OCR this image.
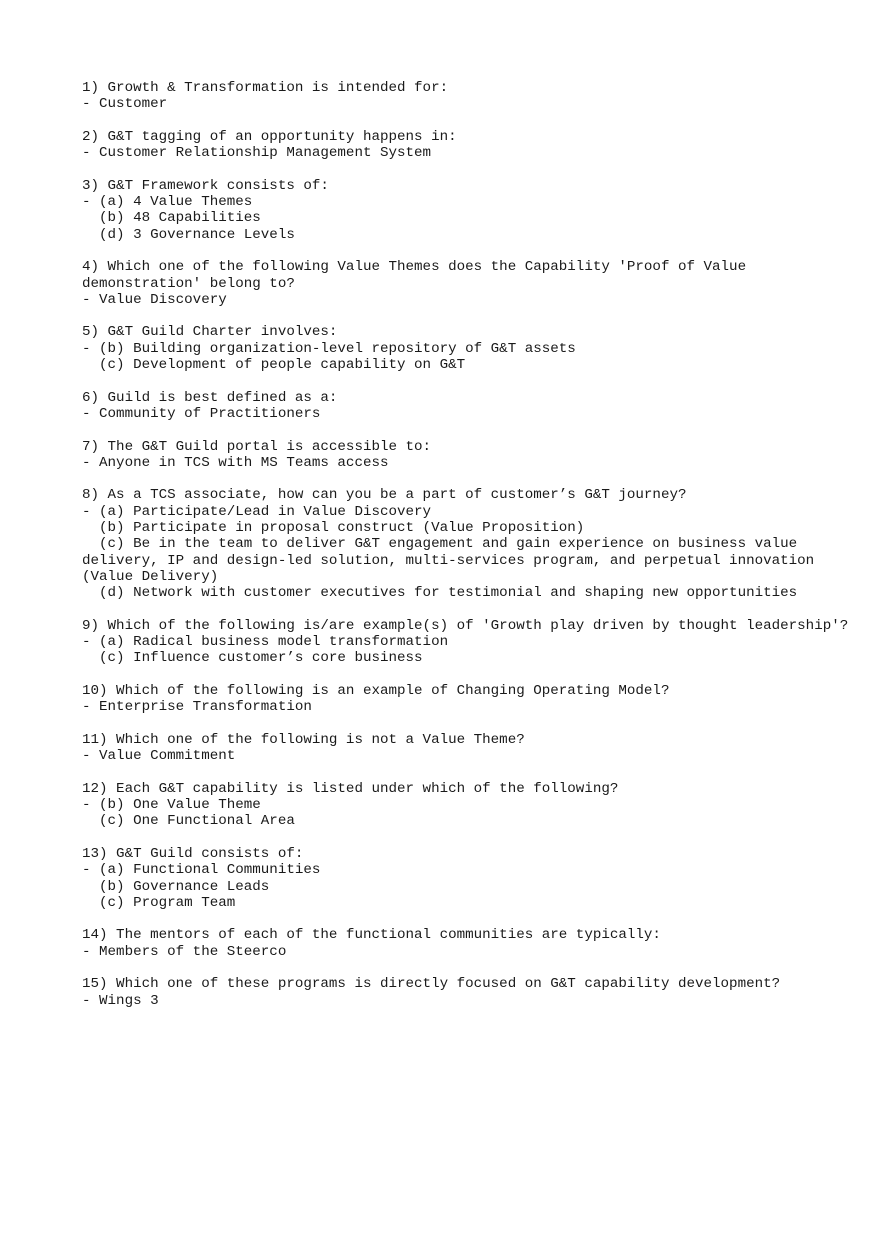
1) Growth & Transformation is intended for:
- Customer
2) G&T tagging of an opportunity happens in:
- Customer Relationship Management System
3) G&T Framework consists of:
- (a) 4 Value Themes
(b) 48 Capabilities
(d) 3 Governance Levels
4) Which one of the following Value Themes does the Capability 'Proof of Value demonstration' belong to?
- Value Discovery
5) G&T Guild Charter involves:
- (b) Building organization-level repository of G&T assets
(c) Development of people capability on G&T
6) Guild is best defined as a:
- Community of Practitioners
7) The G&T Guild portal is accessible to:
- Anyone in TCS with MS Teams access
8) As a TCS associate, how can you be a part of customer’s G&T journey?
- (a) Participate/Lead in Value Discovery
(b) Participate in proposal construct (Value Proposition)
(c) Be in the team to deliver G&T engagement and gain experience on business value delivery, IP and design-led solution, multi-services program, and perpetual innovation (Value Delivery)
(d) Network with customer executives for testimonial and shaping new opportunities
9) Which of the following is/are example(s) of 'Growth play driven by thought leadership'?
- (a) Radical business model transformation
(c) Influence customer’s core business
10) Which of the following is an example of Changing Operating Model?
- Enterprise Transformation
11) Which one of the following is not a Value Theme?
- Value Commitment
12) Each G&T capability is listed under which of the following?
- (b) One Value Theme
(c) One Functional Area
13) G&T Guild consists of:
- (a) Functional Communities
(b) Governance Leads
(c) Program Team
14) The mentors of each of the functional communities are typically:
- Members of the Steerco
15) Which one of these programs is directly focused on G&T capability development?
- Wings 3
